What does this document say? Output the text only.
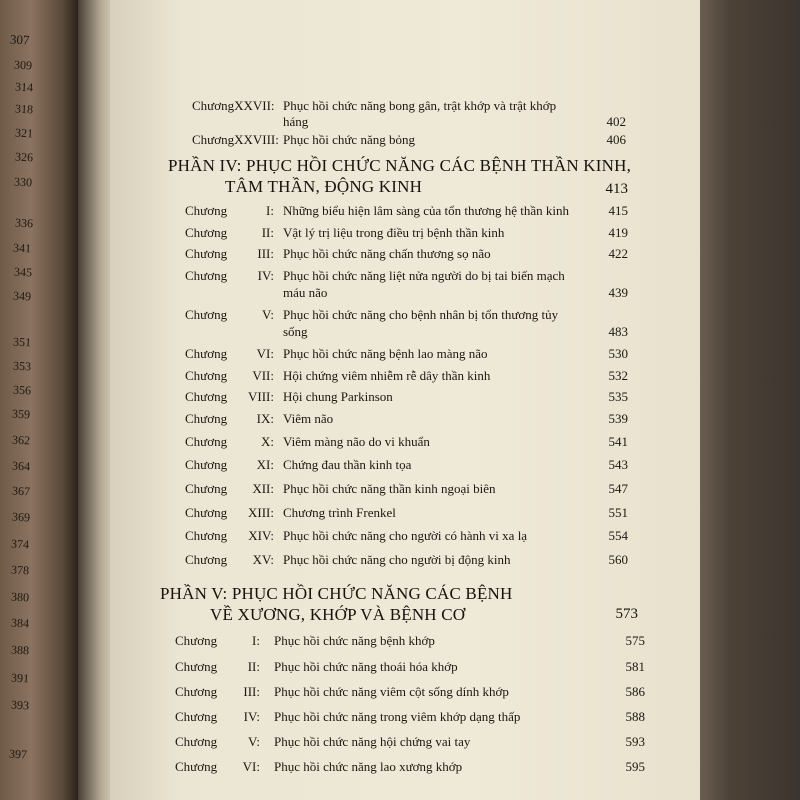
307
309
314
318
321
326
330
336
341
345
349
351
353
356
359
362
364
367
369
374
378
380
384
388
391
393
397
ChươngXXVII: Phục hồi chức năng bong gân, trật khớp và trật khớp
háng	402
ChươngXXVIII: Phục hồi chức năng bỏng	406
PHẦN IV: PHỤC HỒI CHỨC NĂNG CÁC BỆNH THẦN KINH,
TÂM THẦN, ĐỘNG KINH	413
Chương	I: Những biểu hiện lâm sàng của tổn thương hệ thần kinh	415
Chương	II: Vật lý trị liệu trong điều trị bệnh thần kinh	419
Chương	III: Phục hồi chức năng chấn thương sọ não	422
Chương	IV: Phục hồi chức năng liệt nửa người do bị tai biến mạch
máu não	439
Chương	V: Phục hồi chức năng cho bệnh nhân bị tổn thương tủy
sống	483
Chương	VI: Phục hồi chức năng bệnh lao màng não	530
Chương	VII: Hội chứng viêm nhiễm rễ dây thần kinh	532
Chương	VIII: Hội chung Parkinson	535
Chương	IX: Viêm não	539
Chương	X: Viêm màng não do vi khuẩn	541
Chương	XI: Chứng đau thần kinh tọa	543
Chương	XII: Phục hồi chức năng thần kinh ngoại biên	547
Chương	XIII: Chương trình Frenkel	551
Chương	XIV: Phục hồi chức năng cho người có hành vi xa lạ	554
Chương	XV: Phục hồi chức năng cho người bị động kinh	560
PHẦN V: PHỤC HỒI CHỨC NĂNG CÁC BỆNH
VỀ XƯƠNG, KHỚP VÀ BỆNH CƠ	573
Chương	I: Phục hồi chức năng bệnh khớp	575
Chương	II: Phục hồi chức năng thoái hóa khớp	581
Chương	III: Phục hồi chức năng viêm cột sống dính khớp	586
Chương	IV: Phục hồi chức năng trong viêm khớp dạng thấp	588
Chương	V: Phục hồi chức năng hội chứng vai tay	593
Chương	VI: Phục hồi chức năng lao xương khớp	595
